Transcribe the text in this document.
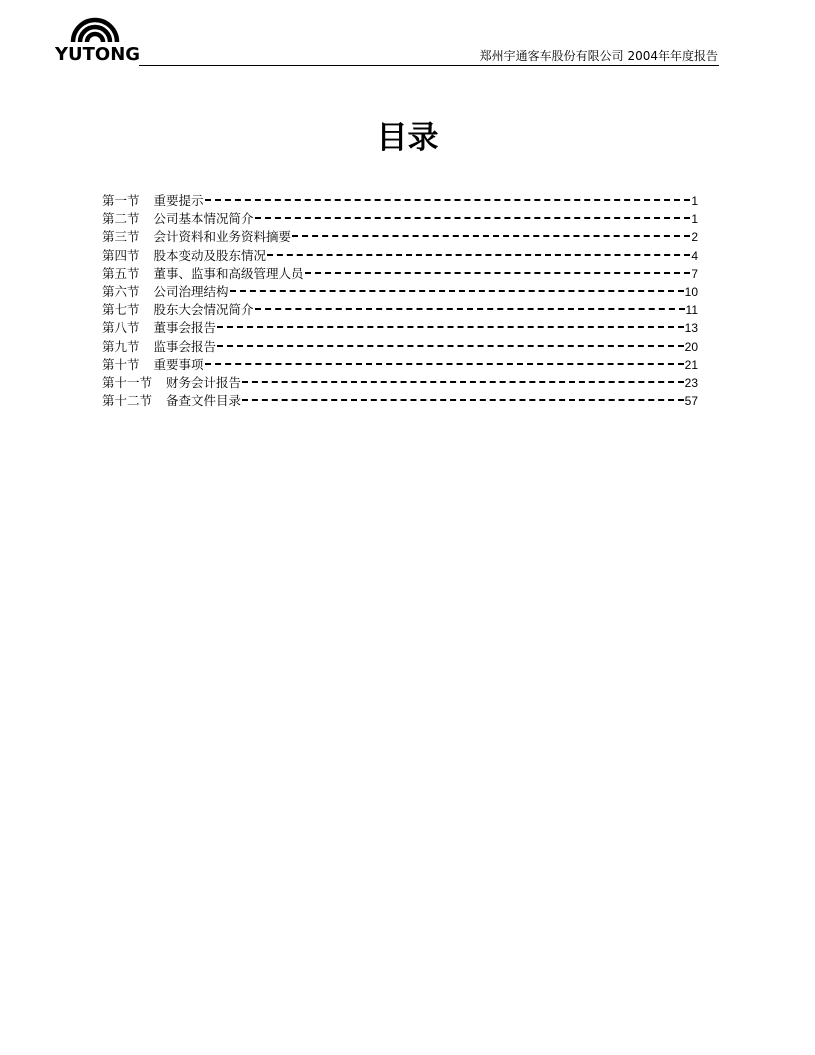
YUTONG	郑州宇通客车股份有限公司 2004年年度报告
目录
第一节 重要提示	1
第二节 公司基本情况简介	1
第三节 会计资料和业务资料摘要	2
第四节 股本变动及股东情况	4
第五节 董事、监事和高级管理人员	7
第六节 公司治理结构	10
第七节 股东大会情况简介	11
第八节 董事会报告	13
第九节 监事会报告	20
第十节 重要事项	21
第十一节 财务会计报告	23
第十二节 备查文件目录	57
